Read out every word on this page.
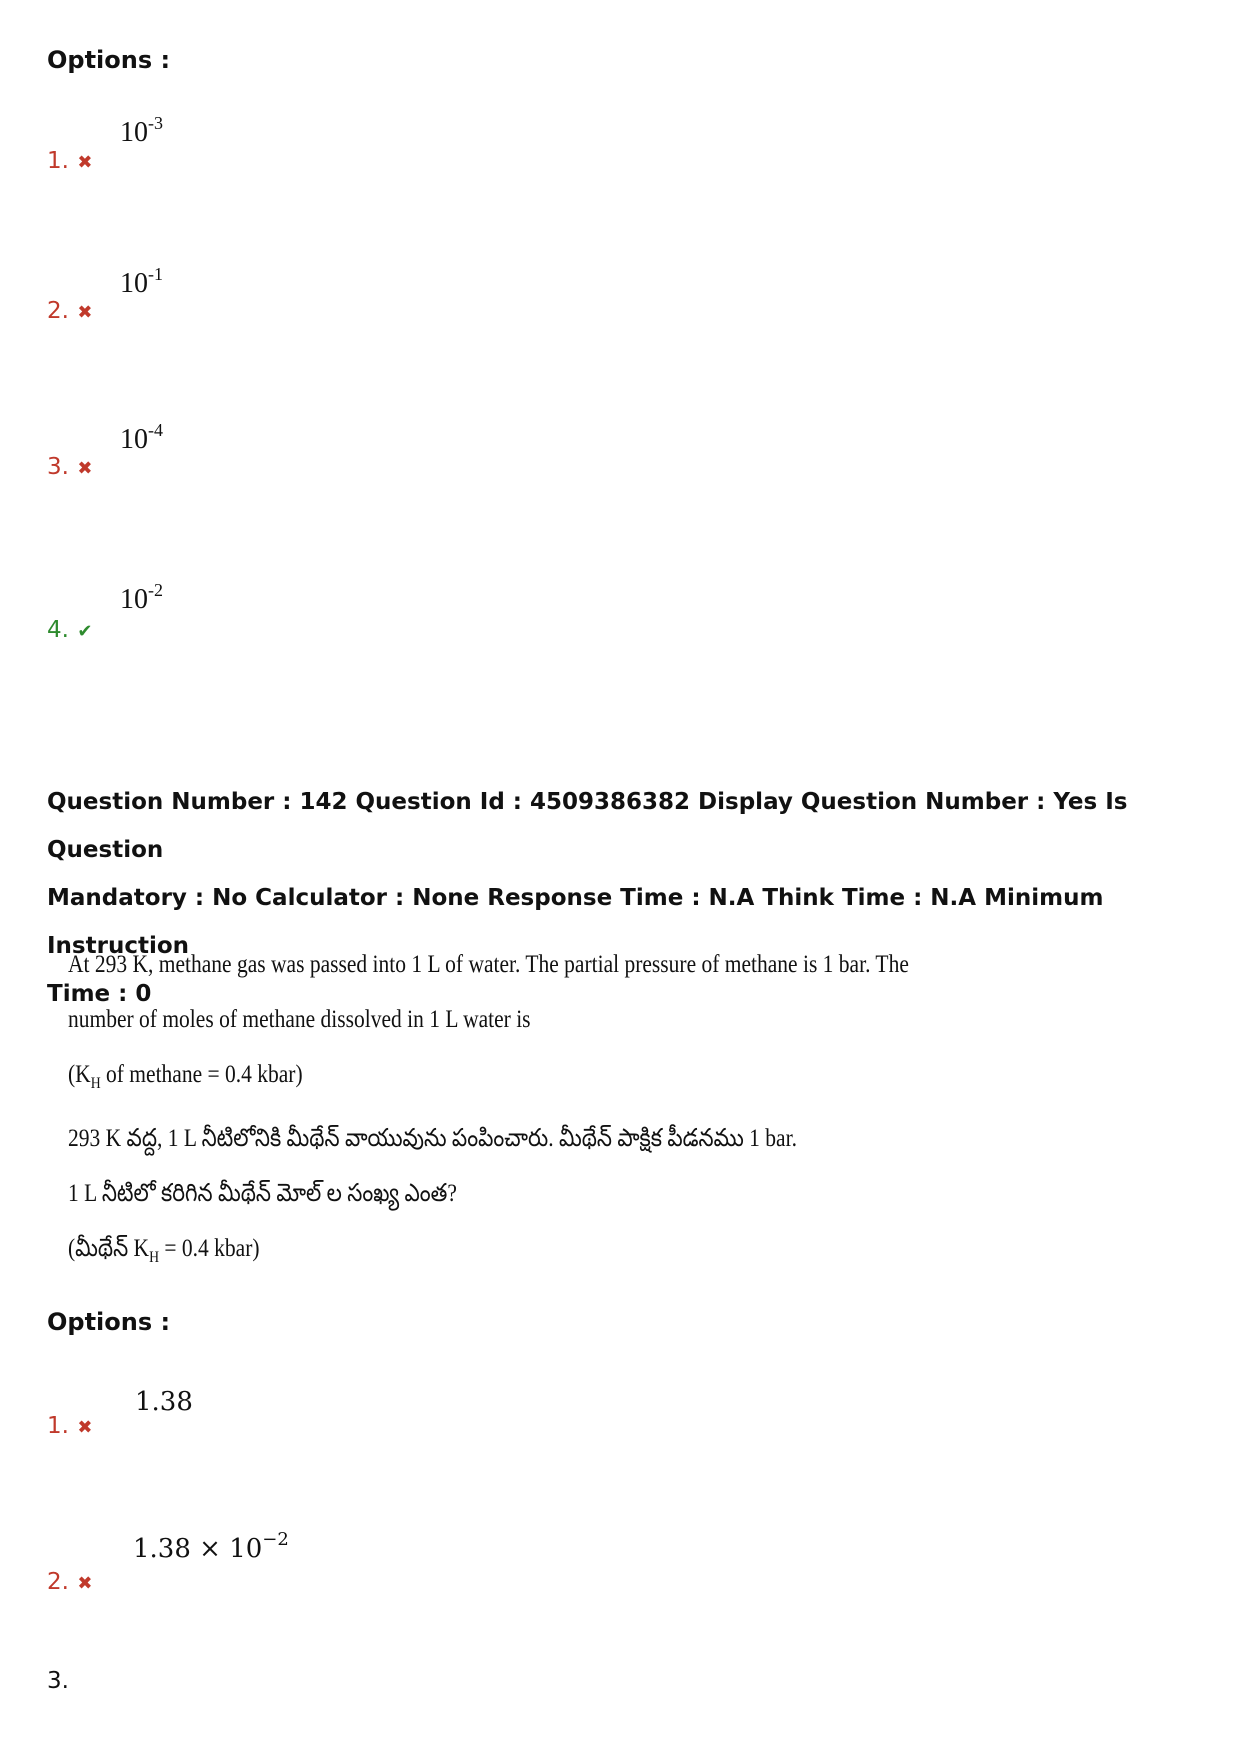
Options :
1. ✖
$10^{-3}$
2. ✖
$10^{-1}$
3. ✖
$10^{-4}$
4. ✔
$10^{-2}$
Question Number : 142 Question Id : 4509386382 Display Question Number : Yes Is Question
Mandatory : No Calculator : None Response Time : N.A Think Time : N.A Minimum Instruction
Time : 0
At 293 K, methane gas was passed into 1 L of water. The partial pressure of methane is 1 bar. The
number of moles of methane dissolved in 1 L water is
($K_H$ of methane = 0.4 kbar)
293 K వద్ద, 1 L నీటిలోనికి మీథేన్ వాయువును పంపించారు. మీథేన్ పాక్షిక పీడనము 1 bar.
1 L నీటిలో కరిగిన మీథేన్ మోల్ ల సంఖ్య ఎంత?
(మీథేన్ $K_H = 0.4$ kbar)
Options :
1. ✖
1.38
2. ✖
$1.38 \times 10^{-2}$
3.
